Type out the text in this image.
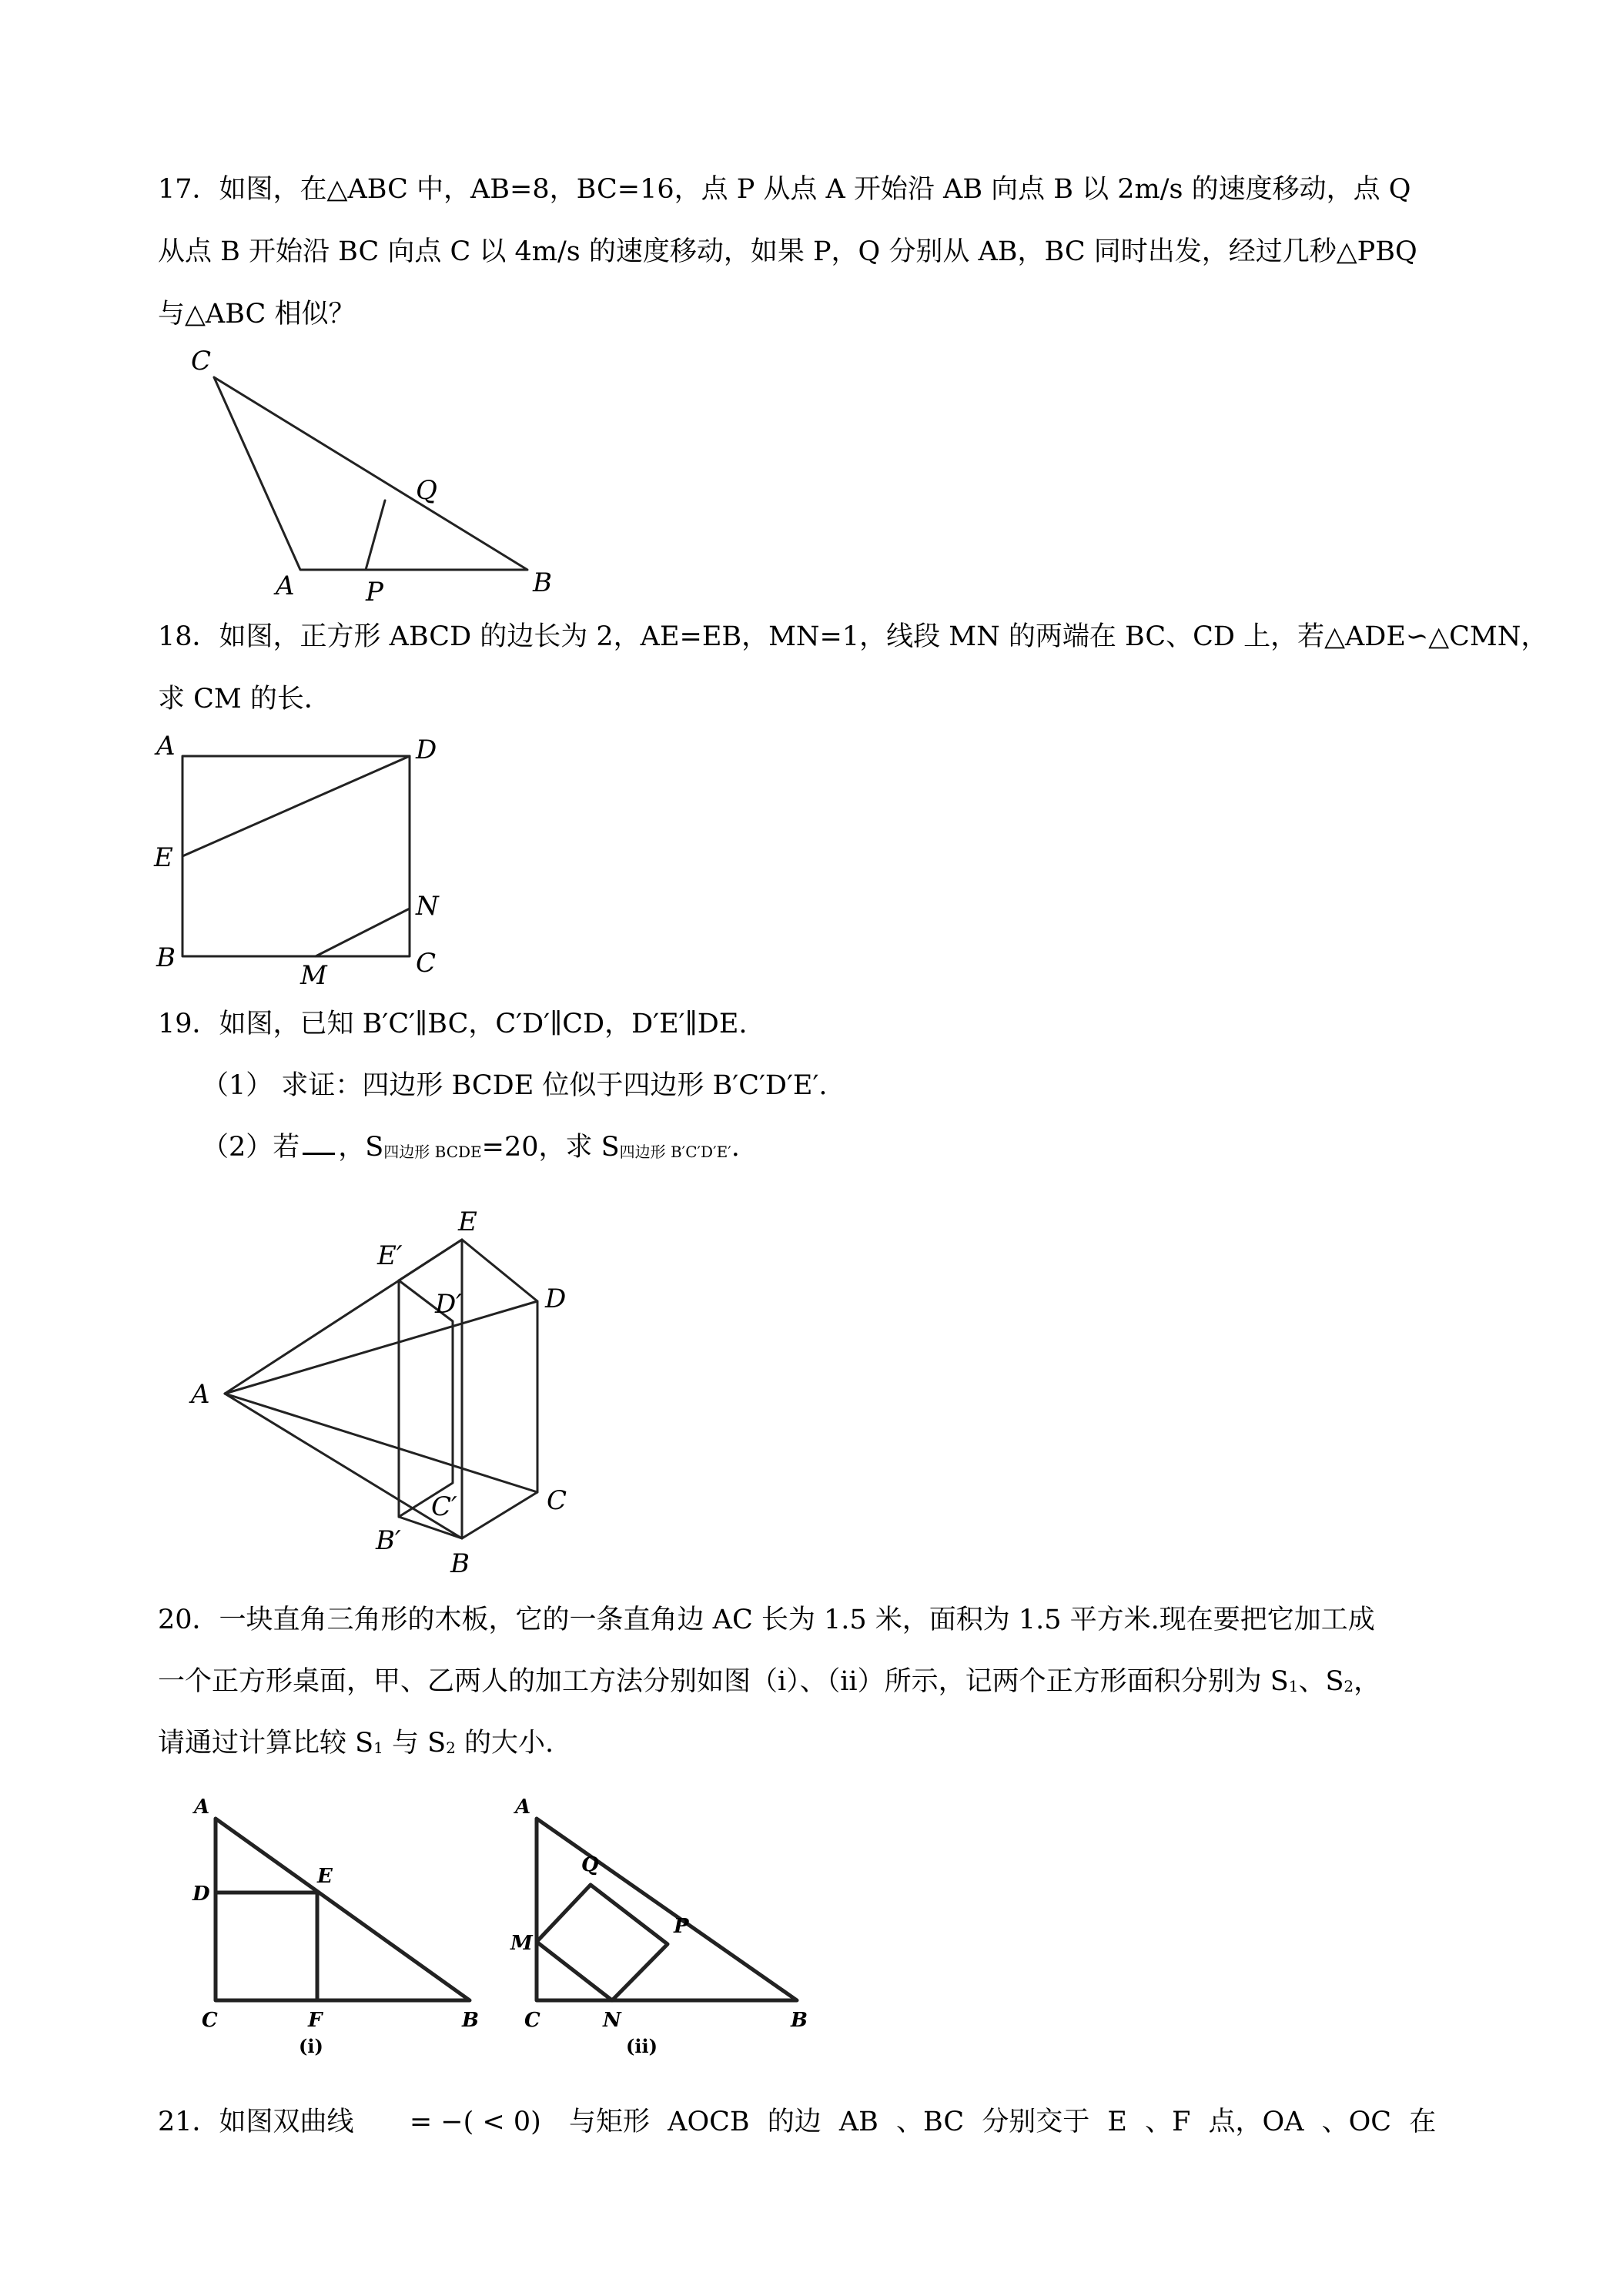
17．如图，在△ABC 中，AB=8，BC=16，点 P 从点 A 开始沿 AB 向点 B 以 2m/s 的速度移动，点 Q

从点 B 开始沿 BC 向点 C 以 4m/s 的速度移动，如果 P，Q 分别从 AB，BC 同时出发，经过几秒△PBQ

与△ABC 相似？

C
Q
A	P	B

18．如图，正方形 ABCD 的边长为 2，AE=EB，MN=1，线段 MN 的两端在 BC、CD 上，若△ADE∽△CMN，

求 CM 的长．

A	D
E
N
B
M	C

19．如图，已知 B′C′∥BC，C′D′∥CD，D′E′∥DE.

（1） 求证：四边形 BCDE 位似于四边形 B′C′D′E′.

（2）若 ，S四边形 BCDE=20，求 S四边形 B′C′D′E′.

E
E′
D′	D
A
C′	C
B′
B

20．一块直角三角形的木板，它的一条直角边 AC 长为 1.5 米，面积为 1.5 平方米.现在要把它加工成

一个正方形桌面，甲、乙两人的加工方法分别如图（i）、（ii）所示，记两个正方形面积分别为 S1、S2，

请通过计算比较 S1 与 S2 的大小.

A
D
E
C	F	B
(i)
A
Q
P
M
C	N	B
(ii)

21．如图双曲线 = −( < 0) 与矩形 AOCB 的边 AB 、BC 分别交于 E 、F 点，OA 、OC 在
